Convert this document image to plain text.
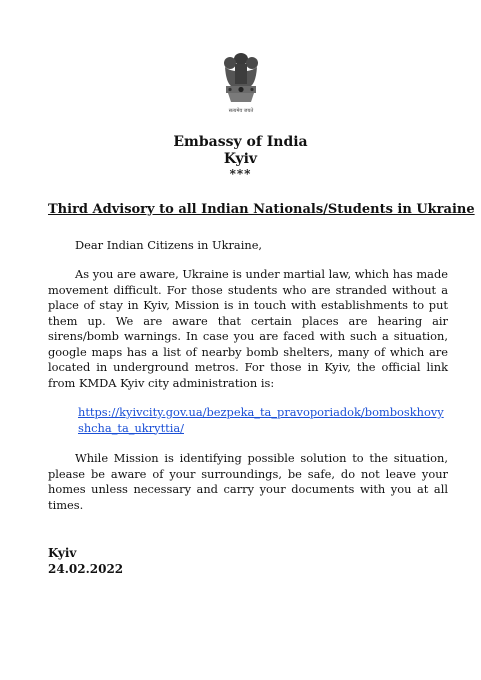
सत्यमेव जयते
Embassy of India
Kyiv
***
Third Advisory to all Indian Nationals/Students in Ukraine

Dear Indian Citizens in Ukraine,

As you are aware, Ukraine is under martial law, which has made movement difficult. For those students who are stranded without a place of stay in Kyiv, Mission is in touch with establishments to put them up. We are aware that certain places are hearing air sirens/bomb warnings. In case you are faced with such a situation, google maps has a list of nearby bomb shelters, many of which are located in underground metros. For those in Kyiv, the official link from KMDA Kyiv city administration is:

https://kyivcity.gov.ua/bezpeka_ta_pravoporiadok/bomboskhovyshcha_ta_ukryttia/

While Mission is identifying possible solution to the situation, please be aware of your surroundings, be safe, do not leave your homes unless necessary and carry your documents with you at all times.

Kyiv
24.02.2022
